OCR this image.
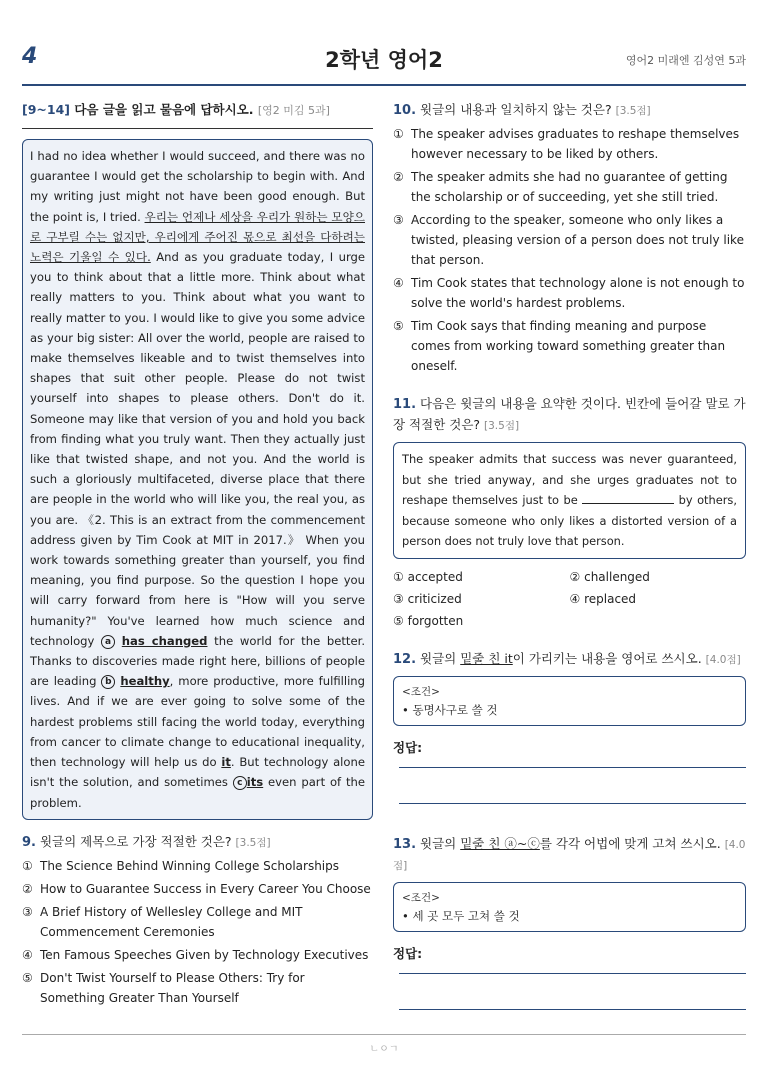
4	2학년 영어2	영어2 미래엔 김성연 5과
[9~14] 다음 글을 읽고 물음에 답하시오. [영2 미김 5과]
I had no idea whether I would succeed, and there was no guarantee I would get the scholarship to begin with. And my writing just might not have been good enough. But the point is, I tried. 우리는 언제나 세상을 우리가 원하는 모양으로 구부릴 수는 없지만, 우리에게 주어진 몫으로 최선을 다하려는 노력은 기울일 수 있다. And as you graduate today, I urge you to think about that a little more. Think about what really matters to you. Think about what you want to really matter to you. I would like to give you some advice as your big sister: All over the world, people are raised to make themselves likeable and to twist themselves into shapes that suit other people. Please do not twist yourself into shapes to please others. Don't do it. Someone may like that version of you and hold you back from finding what you truly want. Then they actually just like that twisted shape, and not you. And the world is such a gloriously multifaceted, diverse place that there are people in the world who will like you, the real you, as you are. 《2. This is an extract from the commencement address given by Tim Cook at MIT in 2017.》 When you work towards something greater than yourself, you find meaning, you find purpose. So the question I hope you will carry forward from here is "How will you serve humanity?" You've learned how much science and technology a has changed the world for the better. Thanks to discoveries made right here, billions of people are leading b healthy, more productive, more fulfilling lives. And if we are ever going to solve some of the hardest problems still facing the world today, everything from cancer to climate change to educational inequality, then technology will help us do it. But technology alone isn't the solution, and sometimes c its even part of the problem.
9. 윗글의 제목으로 가장 적절한 것은? [3.5점]
① The Science Behind Winning College Scholarships
② How to Guarantee Success in Every Career You Choose
③ A Brief History of Wellesley College and MIT Commencement Ceremonies
④ Ten Famous Speeches Given by Technology Executives
⑤ Don't Twist Yourself to Please Others: Try for Something Greater Than Yourself
10. 윗글의 내용과 일치하지 않는 것은? [3.5점]
① The speaker advises graduates to reshape themselves however necessary to be liked by others.
② The speaker admits she had no guarantee of getting the scholarship or of succeeding, yet she still tried.
③ According to the speaker, someone who only likes a twisted, pleasing version of a person does not truly like that person.
④ Tim Cook states that technology alone is not enough to solve the world's hardest problems.
⑤ Tim Cook says that finding meaning and purpose comes from working toward something greater than oneself.
11. 다음은 윗글의 내용을 요약한 것이다. 빈칸에 들어갈 말로 가장 적절한 것은? [3.5점]
The speaker admits that success was never guaranteed, but she tried anyway, and she urges graduates not to reshape themselves just to be	by others, because someone who only likes a distorted version of a person does not truly love that person.
① accepted	② challenged
③ criticized	④ replaced
⑤ forgotten
12. 윗글의 밑줄 친 it이 가리키는 내용을 영어로 쓰시오. [4.0점]
<조건>
• 동명사구로 쓸 것
정답:
13. 윗글의 밑줄 친 ⓐ~ⓒ를 각각 어법에 맞게 고쳐 쓰시오. [4.0점]
<조건>
• 세 곳 모두 고쳐 쓸 것
정답:
ㄴㅇㄱ
